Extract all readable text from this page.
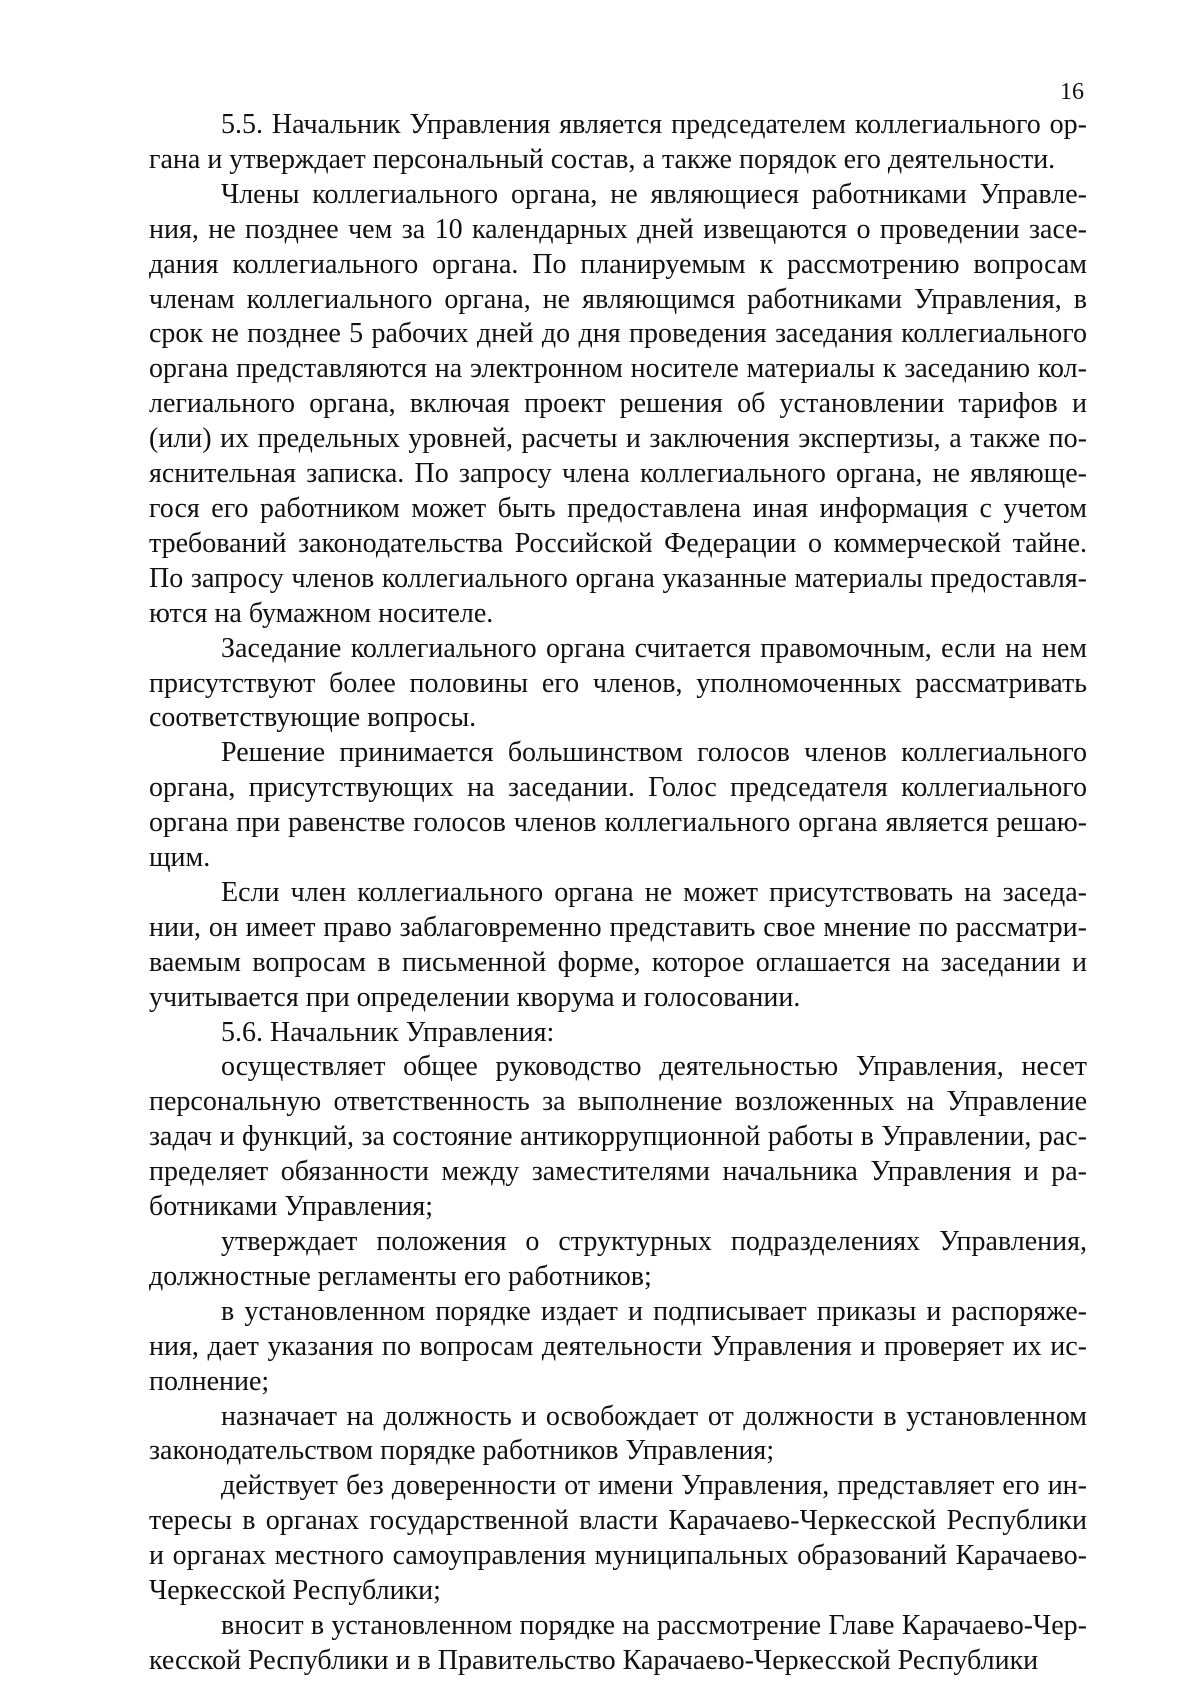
16

5.5. Начальник Управления является председателем коллегиального органа и утверждает персональный состав, а также порядок его деятельности.

Члены коллегиального органа, не являющиеся работниками Управления, не позднее чем за 10 календарных дней извещаются о проведении заседания коллегиального органа. По планируемым к рассмотрению вопросам членам коллегиального органа, не являющимся работниками Управления, в срок не позднее 5 рабочих дней до дня проведения заседания коллегиального органа представляются на электронном носителе материалы к заседанию коллегиального органа, включая проект решения об установлении тарифов и (или) их предельных уровней, расчеты и заключения экспертизы, а также пояснительная записка. По запросу члена коллегиального органа, не являющегося его работником может быть предоставлена иная информация с учетом требований законодательства Российской Федерации о коммерческой тайне. По запросу членов коллегиального органа указанные материалы предоставляются на бумажном носителе.

Заседание коллегиального органа считается правомочным, если на нем присутствуют более половины его членов, уполномоченных рассматривать соответствующие вопросы.

Решение принимается большинством голосов членов коллегиального органа, присутствующих на заседании. Голос председателя коллегиального органа при равенстве голосов членов коллегиального органа является решающим.

Если член коллегиального органа не может присутствовать на заседании, он имеет право заблаговременно представить свое мнение по рассматриваемым вопросам в письменной форме, которое оглашается на заседании и учитывается при определении кворума и голосовании.

5.6. Начальник Управления:

осуществляет общее руководство деятельностью Управления, несет персональную ответственность за выполнение возложенных на Управление задач и функций, за состояние антикоррупционной работы в Управлении, распределяет обязанности между заместителями начальника Управления и работниками Управления;

утверждает положения о структурных подразделениях Управления, должностные регламенты его работников;

в установленном порядке издает и подписывает приказы и распоряжения, дает указания по вопросам деятельности Управления и проверяет их исполнение;

назначает на должность и освобождает от должности в установленном законодательством порядке работников Управления;

действует без доверенности от имени Управления, представляет его интересы в органах государственной власти Карачаево-Черкесской Республики и органах местного самоуправления муниципальных образований Карачаево-Черкесской Республики;

вносит в установленном порядке на рассмотрение Главе Карачаево-Черкесской Республики и в Правительство Карачаево-Черкесской Республики
